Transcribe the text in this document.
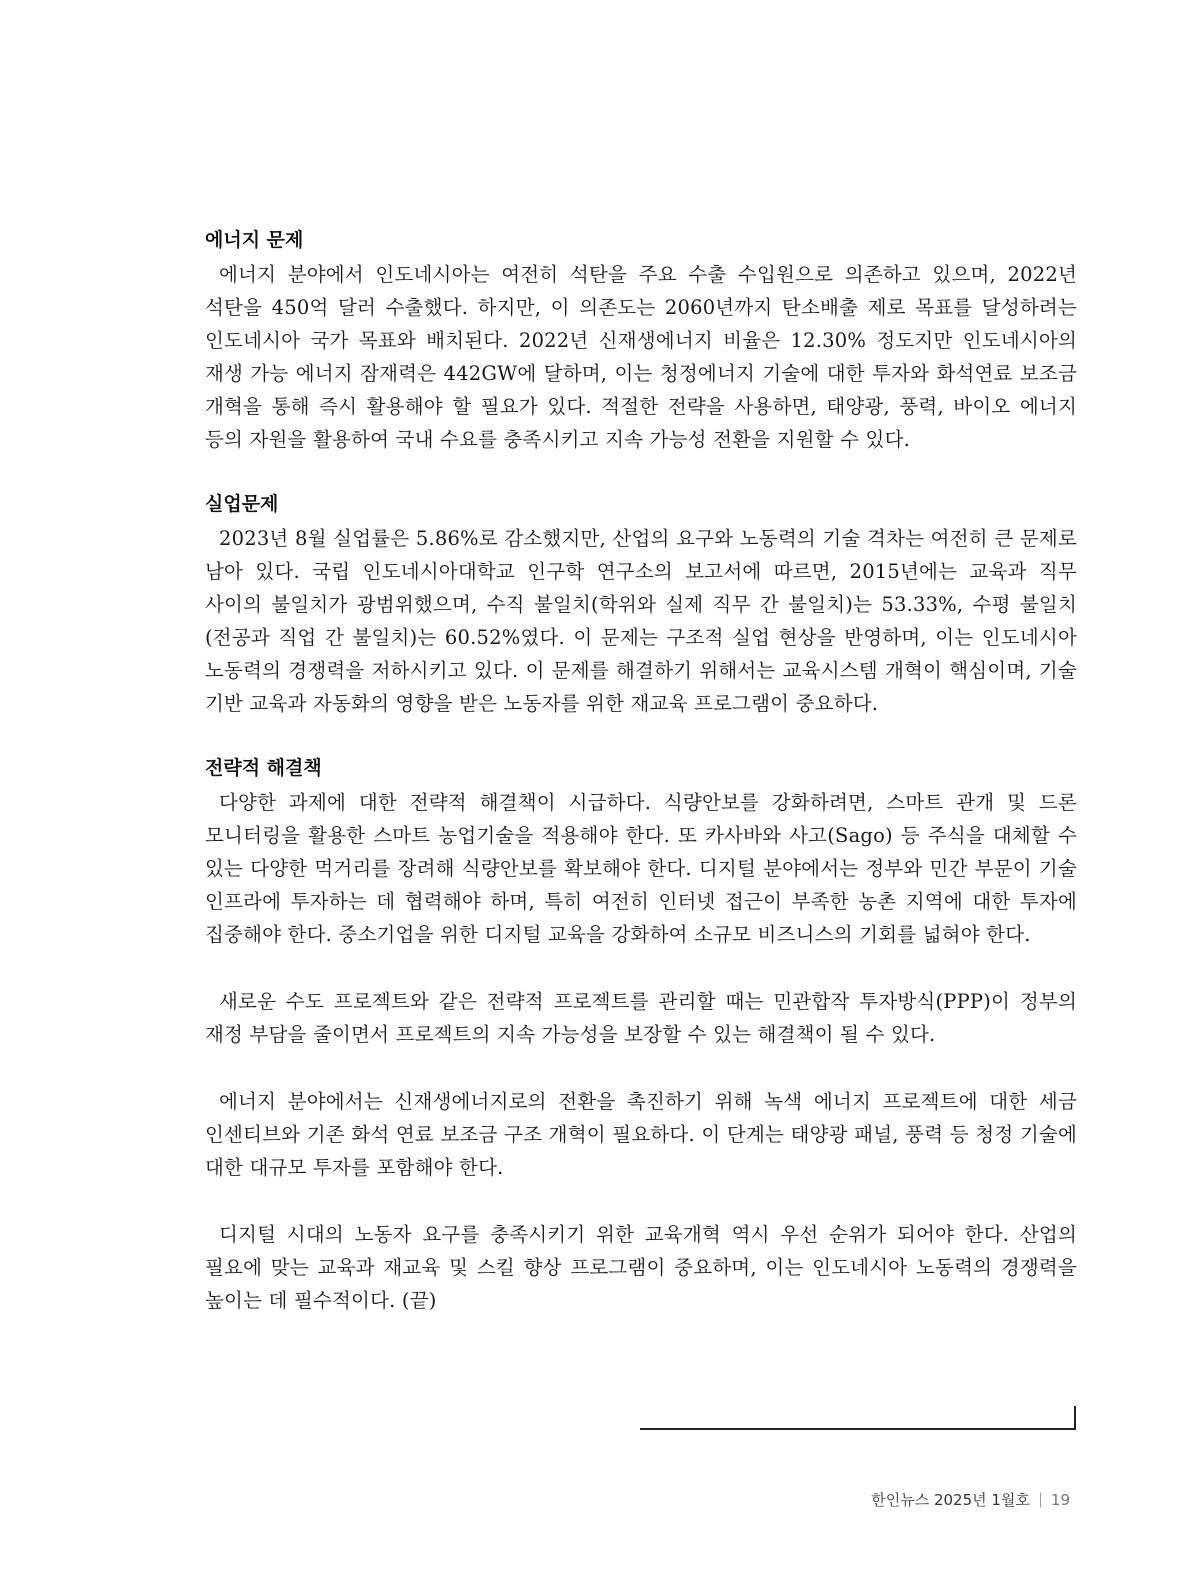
에너지 문제

에너지 분야에서 인도네시아는 여전히 석탄을 주요 수출 수입원으로 의존하고 있으며, 2022년 석탄을 450억 달러 수출했다. 하지만, 이 의존도는 2060년까지 탄소배출 제로 목표를 달성하려는 인도네시아 국가 목표와 배치된다. 2022년 신재생에너지 비율은 12.30% 정도지만 인도네시아의 재생 가능 에너지 잠재력은 442GW에 달하며, 이는 청정에너지 기술에 대한 투자와 화석연료 보조금 개혁을 통해 즉시 활용해야 할 필요가 있다. 적절한 전략을 사용하면, 태양광, 풍력, 바이오 에너지 등의 자원을 활용하여 국내 수요를 충족시키고 지속 가능성 전환을 지원할 수 있다.

실업문제

2023년 8월 실업률은 5.86%로 감소했지만, 산업의 요구와 노동력의 기술 격차는 여전히 큰 문제로 남아 있다. 국립 인도네시아대학교 인구학 연구소의 보고서에 따르면, 2015년에는 교육과 직무 사이의 불일치가 광범위했으며, 수직 불일치(학위와 실제 직무 간 불일치)는 53.33%, 수평 불일치(전공과 직업 간 불일치)는 60.52%였다. 이 문제는 구조적 실업 현상을 반영하며, 이는 인도네시아 노동력의 경쟁력을 저하시키고 있다. 이 문제를 해결하기 위해서는 교육시스템 개혁이 핵심이며, 기술 기반 교육과 자동화의 영향을 받은 노동자를 위한 재교육 프로그램이 중요하다.

전략적 해결책

다양한 과제에 대한 전략적 해결책이 시급하다. 식량안보를 강화하려면, 스마트 관개 및 드론 모니터링을 활용한 스마트 농업기술을 적용해야 한다. 또 카사바와 사고(Sago) 등 주식을 대체할 수 있는 다양한 먹거리를 장려해 식량안보를 확보해야 한다. 디지털 분야에서는 정부와 민간 부문이 기술 인프라에 투자하는 데 협력해야 하며, 특히 여전히 인터넷 접근이 부족한 농촌 지역에 대한 투자에 집중해야 한다. 중소기업을 위한 디지털 교육을 강화하여 소규모 비즈니스의 기회를 넓혀야 한다.

새로운 수도 프로젝트와 같은 전략적 프로젝트를 관리할 때는 민관합작 투자방식(PPP)이 정부의 재정 부담을 줄이면서 프로젝트의 지속 가능성을 보장할 수 있는 해결책이 될 수 있다.

에너지 분야에서는 신재생에너지로의 전환을 촉진하기 위해 녹색 에너지 프로젝트에 대한 세금 인센티브와 기존 화석 연료 보조금 구조 개혁이 필요하다. 이 단계는 태양광 패널, 풍력 등 청정 기술에 대한 대규모 투자를 포함해야 한다.

디지털 시대의 노동자 요구를 충족시키기 위한 교육개혁 역시 우선 순위가 되어야 한다. 산업의 필요에 맞는 교육과 재교육 및 스킬 향상 프로그램이 중요하며, 이는 인도네시아 노동력의 경쟁력을 높이는 데 필수적이다. (끝)

한인뉴스 2025년 1월호 19
